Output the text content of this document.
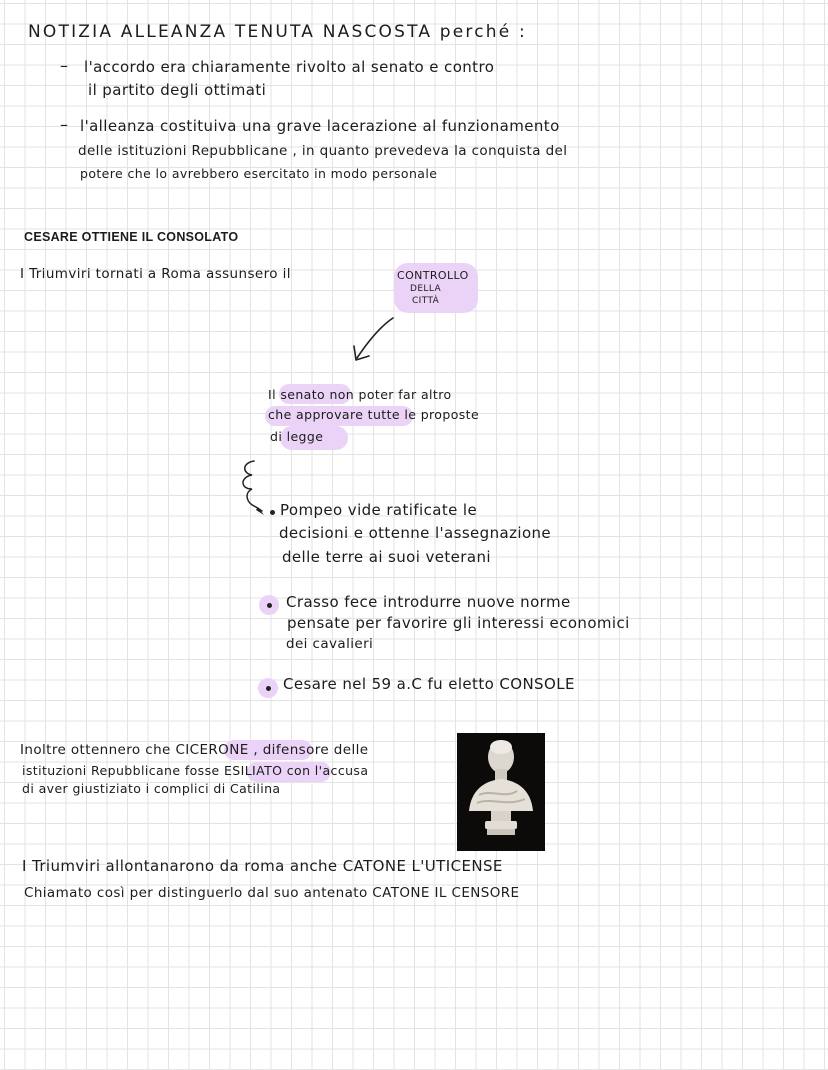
NOTIZIA ALLEANZA TENUTA NASCOSTA perché :
– l'accordo era chiaramente rivolto al senato e contro
il partito degli ottimati
– l'alleanza costituiva una grave lacerazione al funzionamento
delle istituzioni Repubblicane , in quanto prevedeva la conquista del
potere che lo avrebbero esercitato in modo personale
CESARE OTTIENE IL CONSOLATO
I Triumviri tornati a Roma assunsero il	CONTROLLO
DELLA
CITTÀ
Il senato non poter far altro
che approvare tutte le proposte
di legge
Pompeo vide ratificate le
decisioni e ottenne l'assegnazione
delle terre ai suoi veterani
Crasso fece introdurre nuove norme
pensate per favorire gli interessi economici
dei cavalieri
Cesare nel 59 a.C fu eletto CONSOLE
Inoltre ottennero che CICERONE , difensore delle
istituzioni Repubblicane fosse ESILIATO con l'accusa
di aver giustiziato i complici di Catilina
I Triumviri allontanarono da roma anche CATONE L'UTICENSE
Chiamato così per distinguerlo dal suo antenato CATONE IL CENSORE
